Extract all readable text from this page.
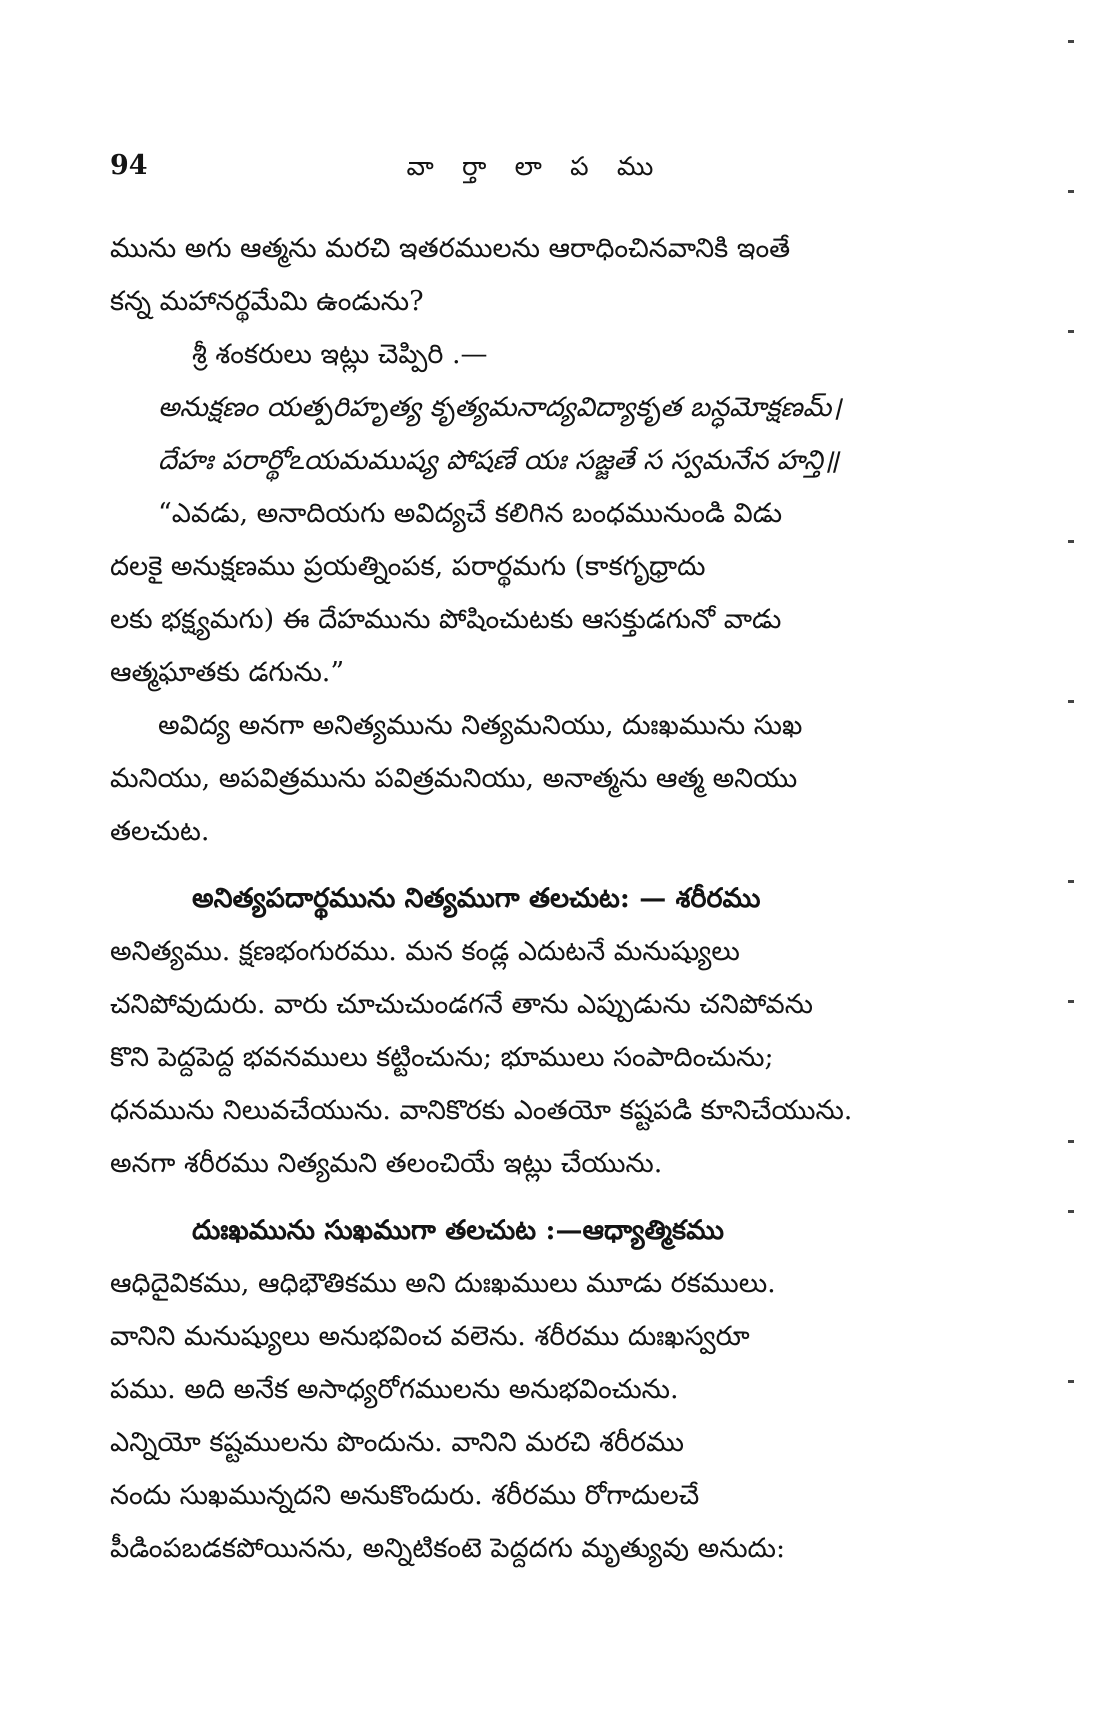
94	వా ర్తా లా ప ము
మును అగు ఆత్మను మరచి ఇతరములను ఆరాధించినవానికి ఇంతే
కన్న మహానర్థమేమి ఉండును?
శ్రీ శంకరులు ఇట్లు చెప్పిరి .—
అనుక్షణం యత్పరిహృత్య కృత్యమనాద్యవిద్యాకృత బన్ధమోక్షణమ్।
దేహః పరార్థోఽయమముష్య పోషణే యః సజ్జతే స స్వమనేన హన్తి॥
“ఎవడు, అనాదియగు అవిద్యచే కలిగిన బంధమునుండి విడు
దలకై అనుక్షణము ప్రయత్నింపక, పరార్థమగు (కాకగృధ్రాదు
లకు భక్ష్యమగు) ఈ దేహమును పోషించుటకు ఆసక్తుడగునో వాడు
ఆత్మఘాతకు డగును.”
అవిద్య అనగా అనిత్యమును నిత్యమనియు, దుఃఖమును సుఖ
మనియు, అపవిత్రమును పవిత్రమనియు, అనాత్మను ఆత్మ అనియు
తలచుట.
అనిత్యపదార్థమును నిత్యముగా తలచుట: — శరీరము
అనిత్యము. క్షణభంగురము. మన కండ్ల ఎదుటనే మనుష్యులు
చనిపోవుదురు. వారు చూచుచుండగనే తాను ఎప్పుడును చనిపోవను
కొని పెద్దపెద్ద భవనములు కట్టించును; భూములు సంపాదించును;
ధనమును నిలువచేయును. వానికొరకు ఎంతయో కష్టపడి కూనిచేయును.
అనగా శరీరము నిత్యమని తలంచియే ఇట్లు చేయును.
దుఃఖమును సుఖముగా తలచుట :—ఆధ్యాత్మికము
ఆధిదైవికము, ఆధిభౌతికము అని దుఃఖములు మూడు రకములు.
వానిని మనుష్యులు అనుభవించ వలెను. శరీరము దుఃఖస్వరూ
పము. అది అనేక అసాధ్యరోగములను అనుభవించును.
ఎన్నియో కష్టములను పొందును. వానిని మరచి శరీరము
నందు సుఖమున్నదని అనుకొందురు. శరీరము రోగాదులచే
పీడింపబడకపోయినను, అన్నిటికంటె పెద్దదగు మృత్యువు అనుదు:
